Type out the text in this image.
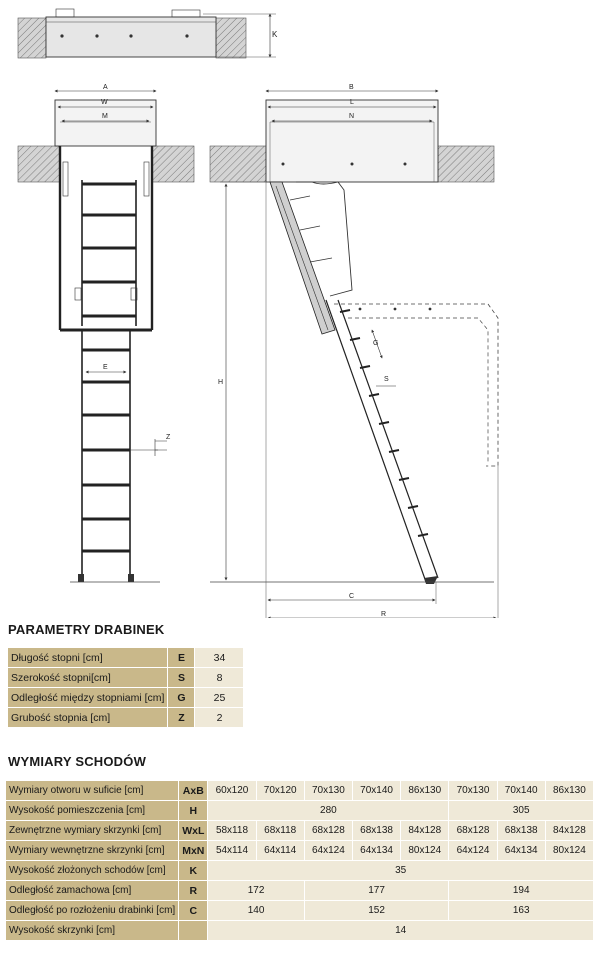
K
A
W
M
E
Z
B
L
N
G
S
H
C
R
PARAMETRY DRABINEK
Długość stopni [cm]	E	34
Szerokość stopni[cm]	S	8
Odległość między stopniami [cm]	G	25
Grubość stopnia [cm]	Z	2
WYMIARY SCHODÓW
Wymiary otworu w suficie [cm]	AxB	60x120	70x120	70x130	70x140	86x130	70x130	70x140	86x130
Wysokość pomieszczenia [cm]	H	280					305		
Zewnętrzne wymiary skrzynki [cm]	WxL	58x118	68x118	68x128	68x138	84x128	68x128	68x138	84x128
Wymiary wewnętrzne skrzynki [cm]	MxN	54x114	64x114	64x124	64x134	80x124	64x124	64x134	80x124
Wysokość złożonych schodów [cm]	K	35							
Odległość zamachowa [cm]	R	172		177			194		
Odległość po rozłożeniu drabinki [cm]	C	140		152			163		
Wysokość skrzynki [cm]		14							
